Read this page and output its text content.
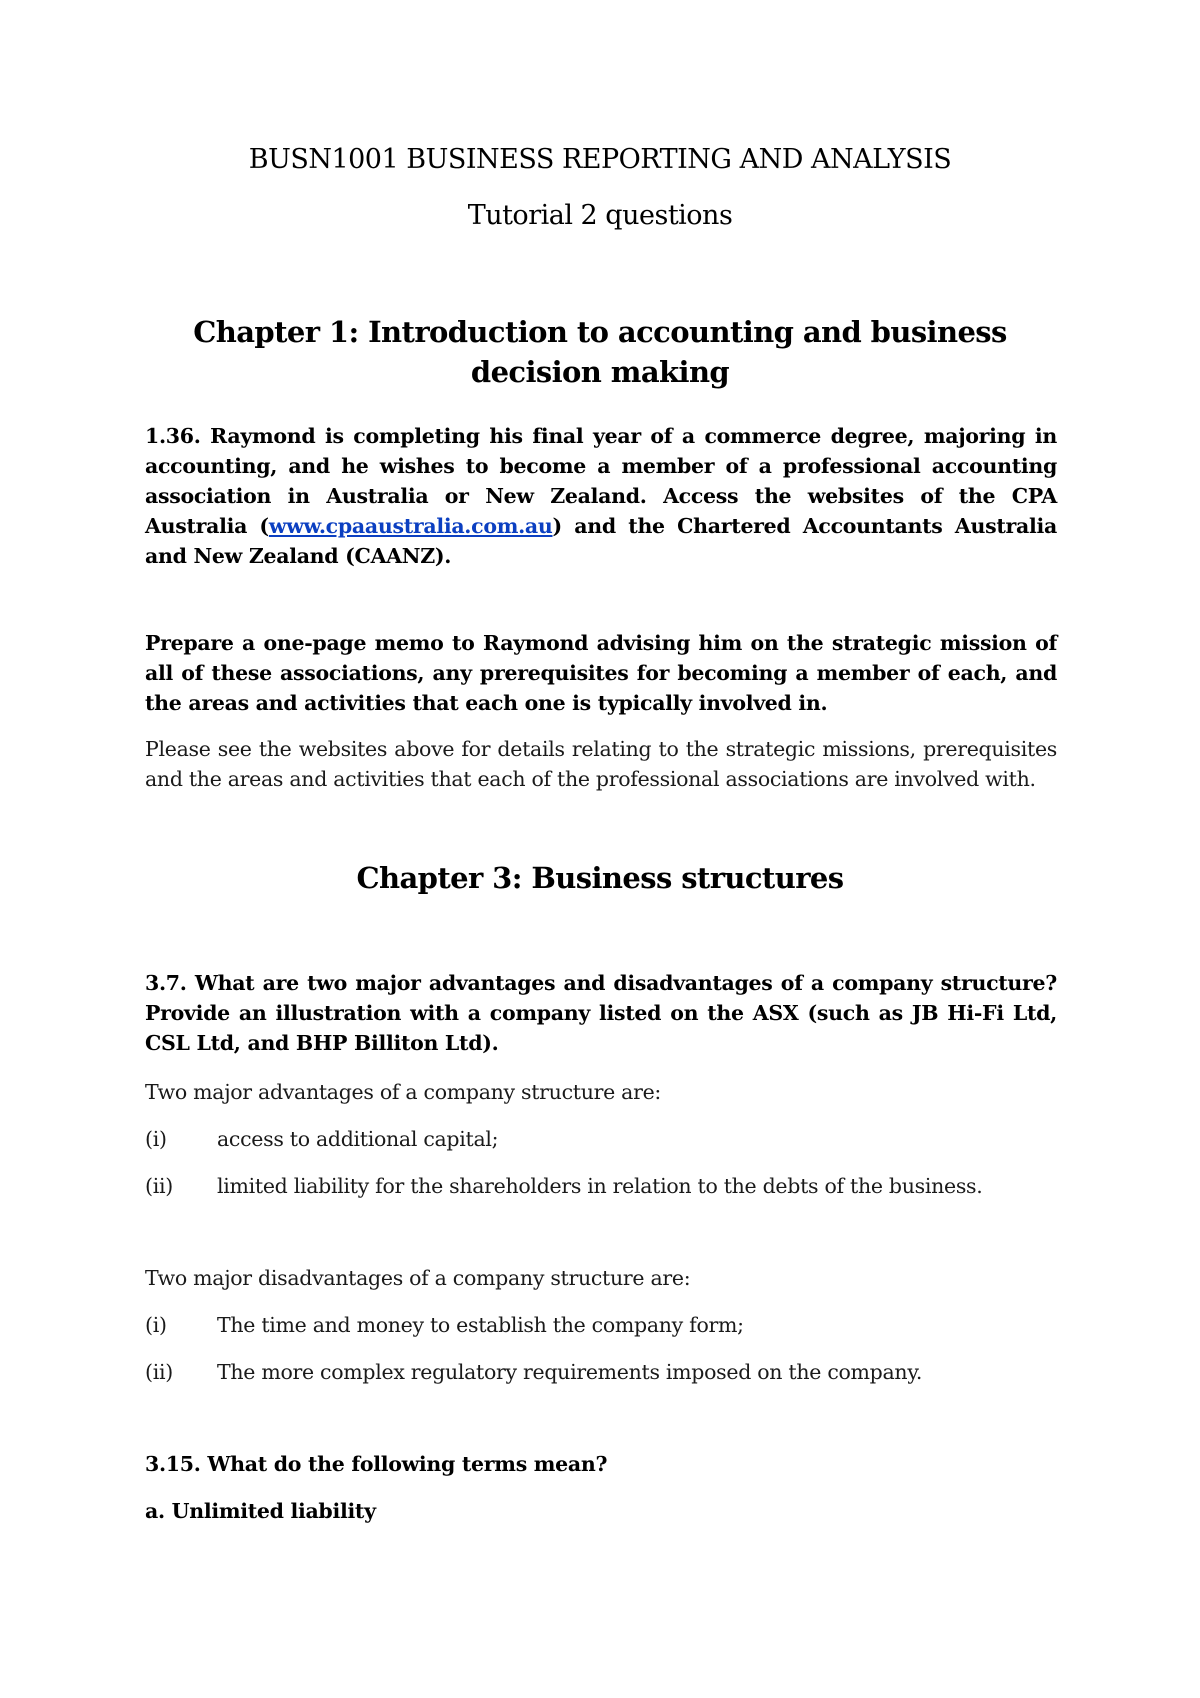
BUSN1001 BUSINESS REPORTING AND ANALYSIS
Tutorial 2 questions
Chapter 1: Introduction to accounting and business decision making

1.36. Raymond is completing his final year of a commerce degree, majoring in accounting, and he wishes to become a member of a professional accounting association in Australia or New Zealand. Access the websites of the CPA Australia (www.cpaaustralia.com.au) and the Chartered Accountants Australia and New Zealand (CAANZ).

Prepare a one-page memo to Raymond advising him on the strategic mission of all of these associations, any prerequisites for becoming a member of each, and the areas and activities that each one is typically involved in.
Please see the websites above for details relating to the strategic missions, prerequisites and the areas and activities that each of the professional associations are involved with.
Chapter 3: Business structures
3.7. What are two major advantages and disadvantages of a company structure? Provide an illustration with a company listed on the ASX (such as JB Hi-Fi Ltd, CSL Ltd, and BHP Billiton Ltd).
Two major advantages of a company structure are:
(i) access to additional capital;
(ii) limited liability for the shareholders in relation to the debts of the business.
Two major disadvantages of a company structure are:
(i) The time and money to establish the company form;
(ii) The more complex regulatory requirements imposed on the company.
3.15. What do the following terms mean?
a. Unlimited liability
